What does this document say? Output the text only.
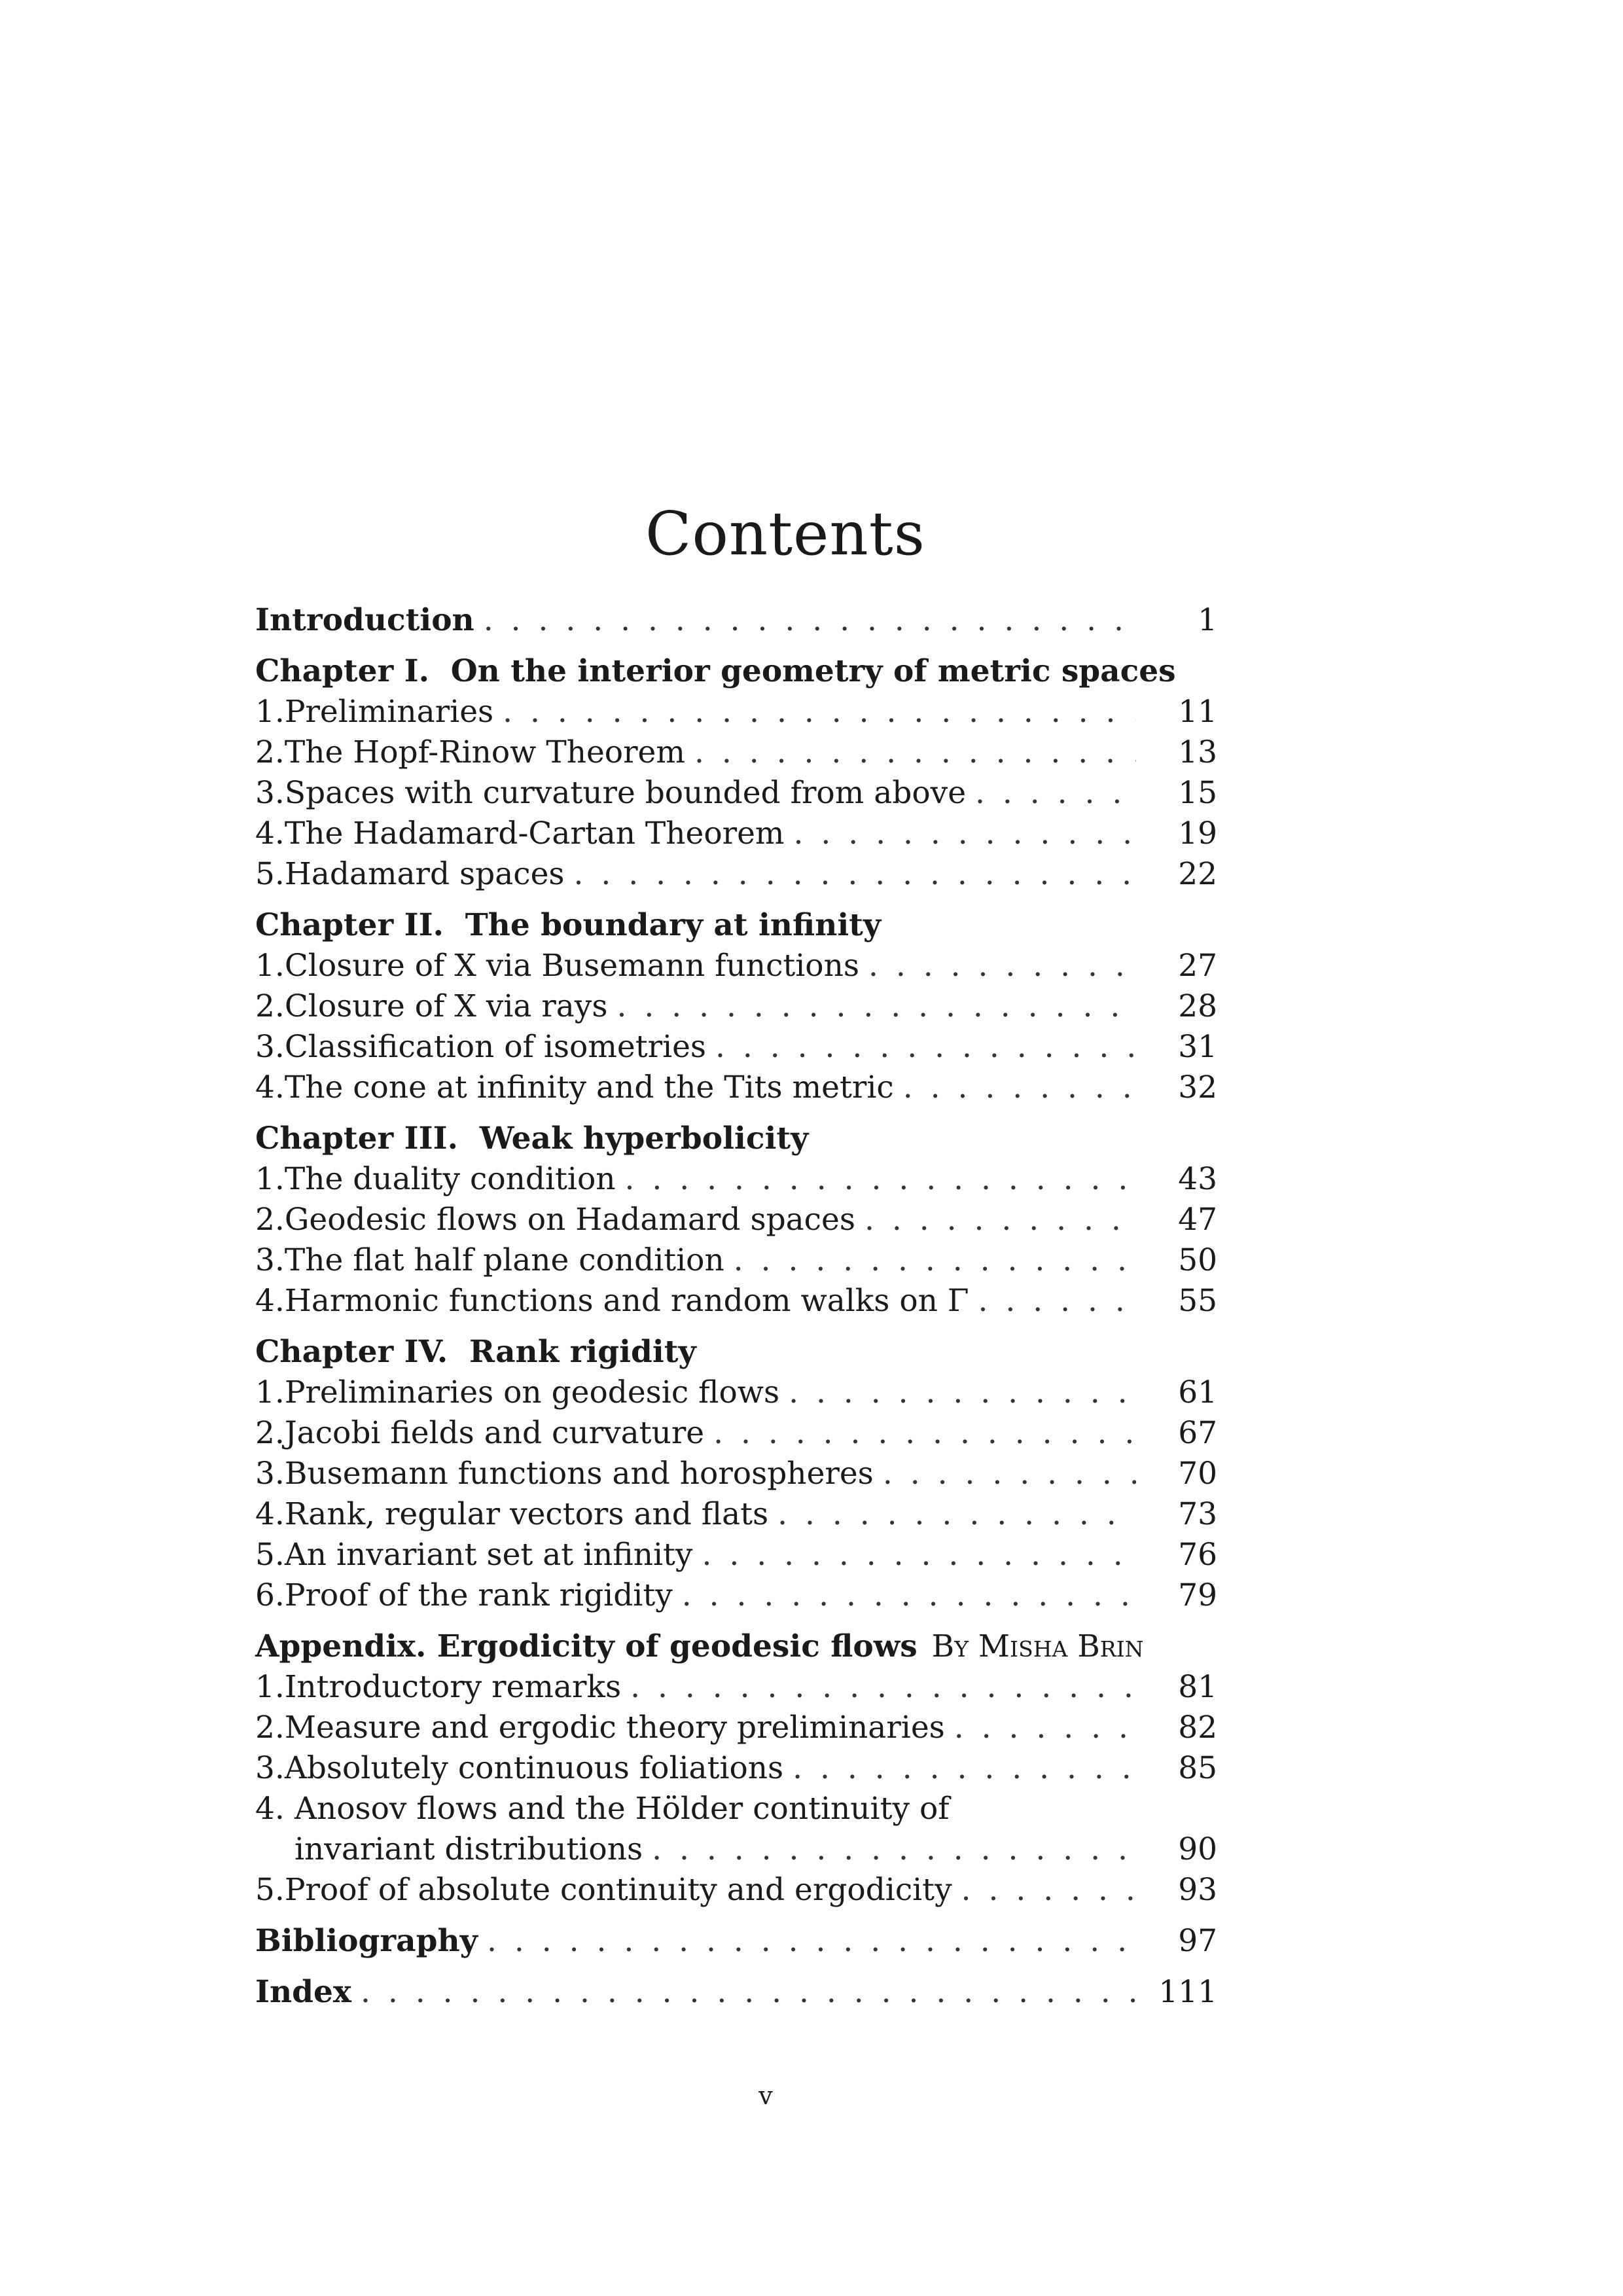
Contents
Introduction . . .	1
Chapter I.
On the interior geometry of metric spaces
1. Preliminaries . . .	11
2. The Hopf-Rinow Theorem . . .	13
3. Spaces with curvature bounded from above . . .	15
4. The Hadamard-Cartan Theorem . . .	19
5. Hadamard spaces . . .	22
Chapter II.
The boundary at infinity
1. Closure of X via Busemann functions . . .	27
2. Closure of X via rays . . .	28
3. Classification of isometries . . .	31
4. The cone at infinity and the Tits metric . . .	32
Chapter III.
Weak hyperbolicity
1. The duality condition . . .	43
2. Geodesic flows on Hadamard spaces . . .	47
3. The flat half plane condition . . .	50
4. Harmonic functions and random walks on Γ . . .	55
Chapter IV.
Rank rigidity
1. Preliminaries on geodesic flows . . .	61
2. Jacobi fields and curvature . . .	67
3. Busemann functions and horospheres . . .	70
4. Rank, regular vectors and flats . . .	73
5. An invariant set at infinity . . .	76
6. Proof of the rank rigidity . . .	79
Appendix.
Ergodicity of geodesic flows By Misha Brin
1. Introductory remarks . . .	81
2. Measure and ergodic theory preliminaries . . .	82
3. Absolutely continuous foliations . . .	85
4. Anosov flows and the Hölder continuity of
invariant distributions . . .	90
5. Proof of absolute continuity and ergodicity . . .	93
Bibliography . . .	97
Index . . .	111
v
